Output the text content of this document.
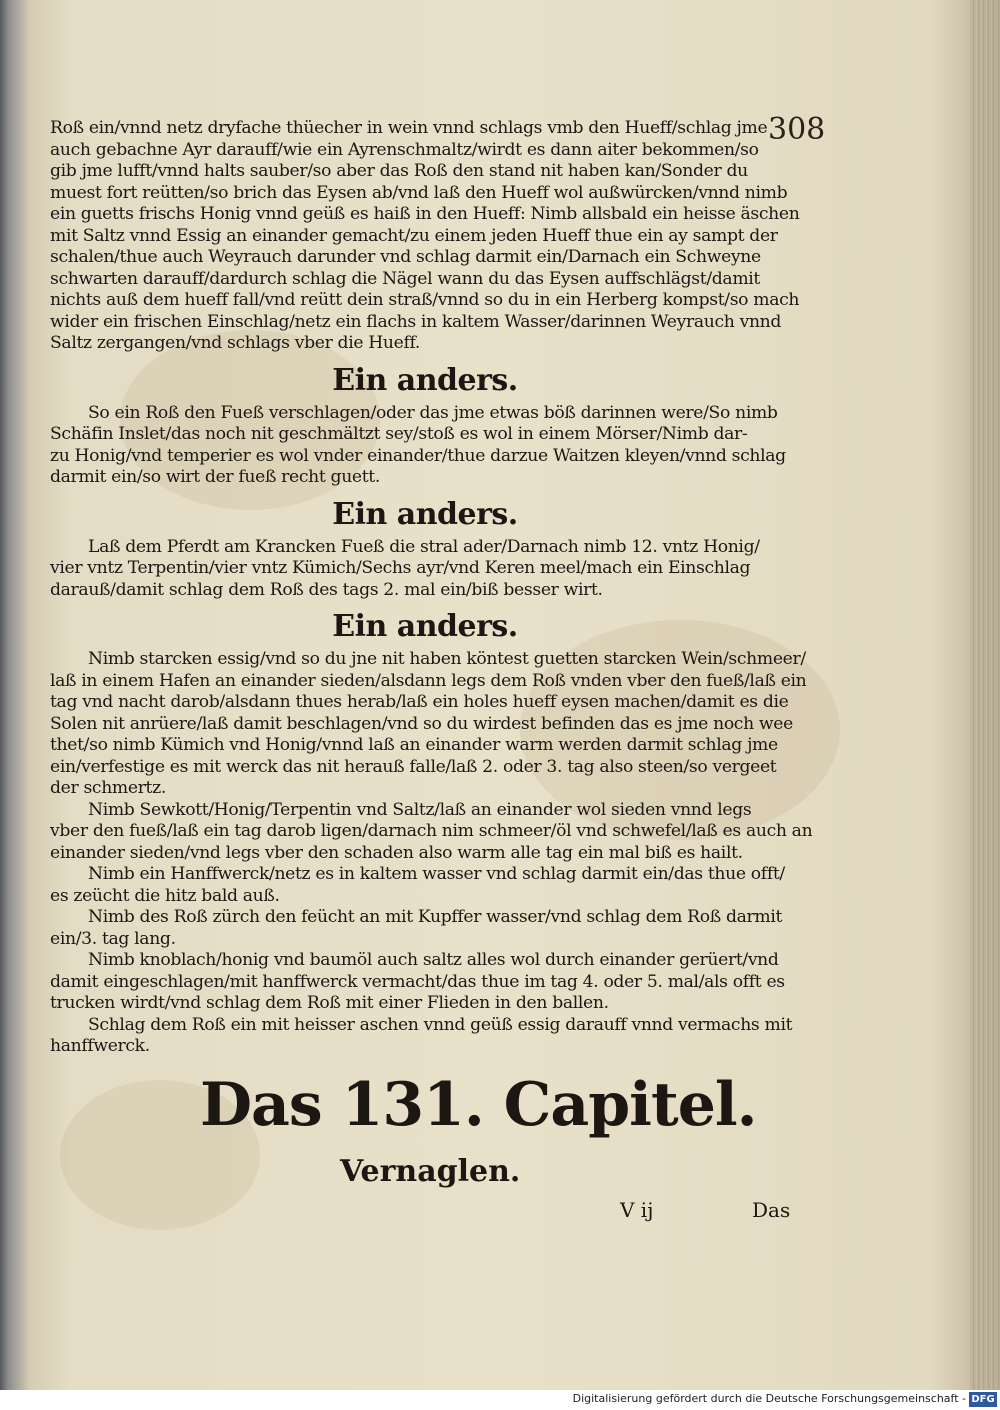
308
Roß ein/vnnd netz dryfache thüecher in wein vnnd schlags vmb den Hueff/schlag jme
auch gebachne Ayr darauff/wie ein Ayrenschmaltz/wirdt es dann aiter bekommen/so
gib jme lufft/vnnd halts sauber/so aber das Roß den stand nit haben kan/Sonder du
muest fort reütten/so brich das Eysen ab/vnd laß den Hueff wol außwürcken/vnnd nimb
ein guetts frischs Honig vnnd geüß es haiß in den Hueff: Nimb allsbald ein heisse äschen
mit Saltz vnnd Essig an einander gemacht/zu einem jeden Hueff thue ein ay sampt der
schalen/thue auch Weyrauch darunder vnd schlag darmit ein/Darnach ein Schweyne
schwarten darauff/dardurch schlag die Nägel wann du das Eysen auffschlägst/damit
nichts auß dem hueff fall/vnd reütt dein straß/vnnd so du in ein Herberg kompst/so mach
wider ein frischen Einschlag/netz ein flachs in kaltem Wasser/darinnen Weyrauch vnnd
Saltz zergangen/vnd schlags vber die Hueff.
Ein anders.
So ein Roß den Fueß verschlagen/oder das jme etwas böß darinnen were/So nimb
Schäfin Inslet/das noch nit geschmältzt sey/stoß es wol in einem Mörser/Nimb dar-
zu Honig/vnd temperier es wol vnder einander/thue darzue Waitzen kleyen/vnnd schlag
darmit ein/so wirt der fueß recht guett.
Ein anders.
Laß dem Pferdt am Krancken Fueß die stral ader/Darnach nimb 12. vntz Honig/
vier vntz Terpentin/vier vntz Kümich/Sechs ayr/vnd Keren meel/mach ein Einschlag
darauß/damit schlag dem Roß des tags 2. mal ein/biß besser wirt.
Ein anders.
Nimb starcken essig/vnd so du jne nit haben köntest guetten starcken Wein/schmeer/
laß in einem Hafen an einander sieden/alsdann legs dem Roß vnden vber den fueß/laß ein
tag vnd nacht darob/alsdann thues herab/laß ein holes hueff eysen machen/damit es die
Solen nit anrüere/laß damit beschlagen/vnd so du wirdest befinden das es jme noch wee
thet/so nimb Kümich vnd Honig/vnnd laß an einander warm werden darmit schlag jme
ein/verfestige es mit werck das nit herauß falle/laß 2. oder 3. tag also steen/so vergeet
der schmertz.
Nimb Sewkott/Honig/Terpentin vnd Saltz/laß an einander wol sieden vnnd legs
vber den fueß/laß ein tag darob ligen/darnach nim schmeer/öl vnd schwefel/laß es auch an
einander sieden/vnd legs vber den schaden also warm alle tag ein mal biß es hailt.
Nimb ein Hanffwerck/netz es in kaltem wasser vnd schlag darmit ein/das thue offt/
es zeücht die hitz bald auß.
Nimb des Roß zürch den feücht an mit Kupffer wasser/vnd schlag dem Roß darmit
ein/3. tag lang.
Nimb knoblach/honig vnd baumöl auch saltz alles wol durch einander gerüert/vnd
damit eingeschlagen/mit hanffwerck vermacht/das thue im tag 4. oder 5. mal/als offt es
trucken wirdt/vnd schlag dem Roß mit einer Flieden in den ballen.
Schlag dem Roß ein mit heisser aschen vnnd geüß essig darauff vnnd vermachs mit
hanffwerck.
Das 131. Capitel.
Vernaglen.
V ij	Das
Digitalisierung gefördert durch die Deutsche Forschungsgemeinschaft - DFG
